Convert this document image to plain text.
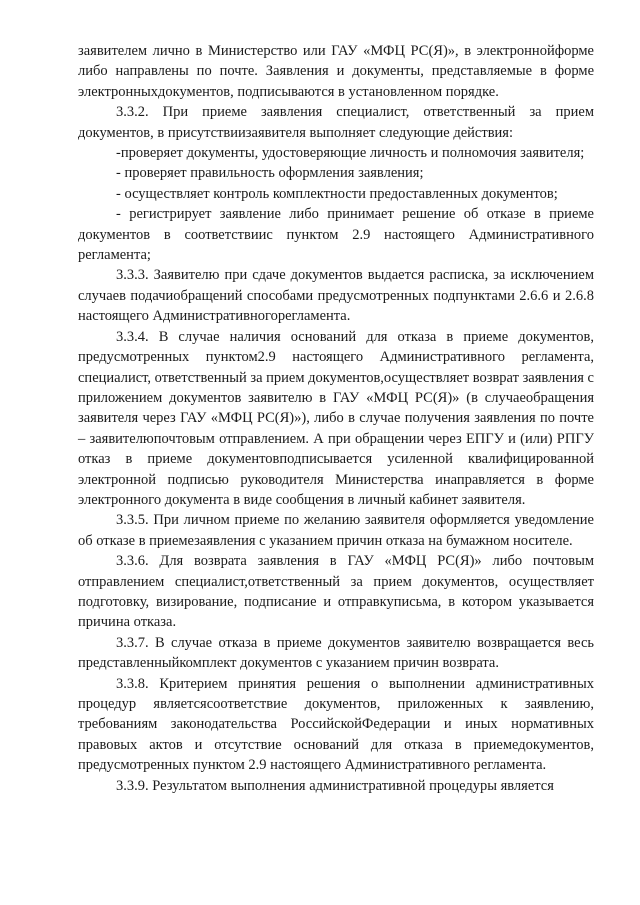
заявителем лично в Министерство или ГАУ «МФЦ РС(Я)», в электроннойформе либо направлены по почте. Заявления и документы, представляемые в форме электронныхдокументов, подписываются в установленном порядке.

3.3.2. При приеме заявления специалист, ответственный за прием документов, в присутствиизаявителя выполняет следующие действия:

-проверяет документы, удостоверяющие личность и полномочия заявителя;

- проверяет правильность оформления заявления;

- осуществляет контроль комплектности предоставленных документов;

- регистрирует заявление либо принимает решение об отказе в приеме документов в соответствиис пунктом 2.9 настоящего Административного регламента;

3.3.3. Заявителю при сдаче документов выдается расписка, за исключением случаев подачиобращений способами предусмотренных подпунктами 2.6.6 и 2.6.8 настоящего Административногорегламента.

3.3.4. В случае наличия оснований для отказа в приеме документов, предусмотренных пунктом2.9 настоящего Административного регламента, специалист, ответственный за прием документов,осуществляет возврат заявления с приложением документов заявителю в ГАУ «МФЦ РС(Я)» (в случаеобращения заявителя через ГАУ «МФЦ РС(Я)»), либо в случае получения заявления по почте – заявителюпочтовым отправлением. А при обращении через ЕПГУ и (или) РПГУ отказ в приеме документовподписывается усиленной квалифицированной электронной подписью руководителя Министерства инаправляется в форме электронного документа в виде сообщения в личный кабинет заявителя.

3.3.5. При личном приеме по желанию заявителя оформляется уведомление об отказе в приемезаявления с указанием причин отказа на бумажном носителе.

3.3.6. Для возврата заявления в ГАУ «МФЦ РС(Я)» либо почтовым отправлением специалист,ответственный за прием документов, осуществляет подготовку, визирование, подписание и отправкуписьма, в котором указывается причина отказа.

3.3.7. В случае отказа в приеме документов заявителю возвращается весь представленныйкомплект документов с указанием причин возврата.

3.3.8. Критерием принятия решения о выполнении административных процедур являетсясоответствие документов, приложенных к заявлению, требованиям законодательства РоссийскойФедерации и иных нормативных правовых актов и отсутствие оснований для отказа в приемедокументов, предусмотренных пунктом 2.9 настоящего Административного регламента.

3.3.9. Результатом выполнения административной процедуры является
